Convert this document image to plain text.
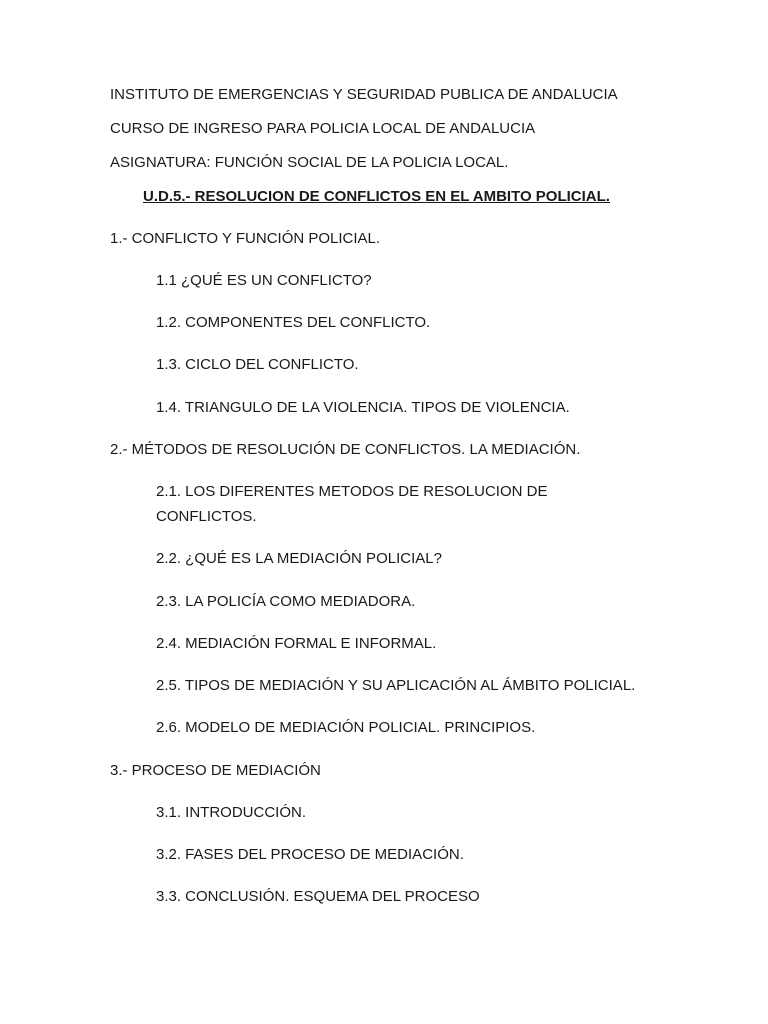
INSTITUTO DE EMERGENCIAS Y SEGURIDAD PUBLICA DE ANDALUCIA
CURSO DE INGRESO PARA POLICIA LOCAL DE ANDALUCIA
ASIGNATURA: FUNCIÓN SOCIAL DE LA POLICIA LOCAL.
U.D.5.- RESOLUCION DE CONFLICTOS EN EL AMBITO POLICIAL.
1.- CONFLICTO Y FUNCIÓN POLICIAL.
1.1 ¿QUÉ ES UN CONFLICTO?
1.2. COMPONENTES DEL CONFLICTO.
1.3. CICLO DEL CONFLICTO.
1.4. TRIANGULO DE LA VIOLENCIA. TIPOS DE VIOLENCIA.
2.- MÉTODOS DE RESOLUCIÓN DE CONFLICTOS. LA MEDIACIÓN.
2.1. LOS DIFERENTES METODOS DE RESOLUCION DE
CONFLICTOS.
2.2. ¿QUÉ ES LA MEDIACIÓN POLICIAL?
2.3. LA POLICÍA COMO MEDIADORA.
2.4. MEDIACIÓN FORMAL E INFORMAL.
2.5. TIPOS DE MEDIACIÓN Y SU APLICACIÓN AL ÁMBITO POLICIAL.
2.6. MODELO DE MEDIACIÓN POLICIAL. PRINCIPIOS.
3.- PROCESO DE MEDIACIÓN
3.1. INTRODUCCIÓN.
3.2. FASES DEL PROCESO DE MEDIACIÓN.
3.3. CONCLUSIÓN. ESQUEMA DEL PROCESO
